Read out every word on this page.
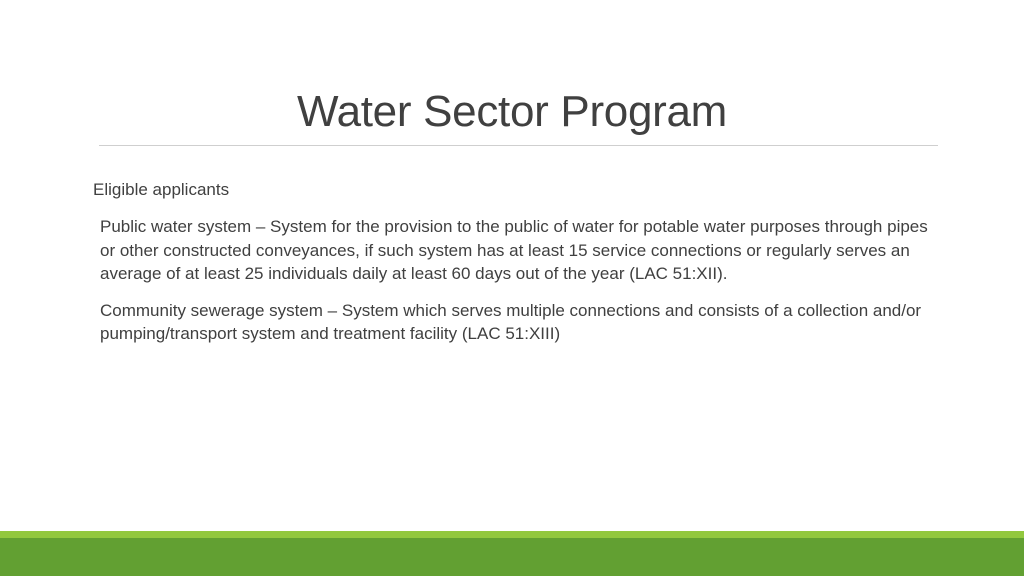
Water Sector Program

Eligible applicants

Public water system – System for the provision to the public of water for potable water purposes through pipes or other constructed conveyances, if such system has at least 15 service connections or regularly serves an average of at least 25 individuals daily at least 60 days out of the year (LAC 51:XII).

Community sewerage system – System which serves multiple connections and consists of a collection and/or pumping/transport system and treatment facility (LAC 51:XIII)
